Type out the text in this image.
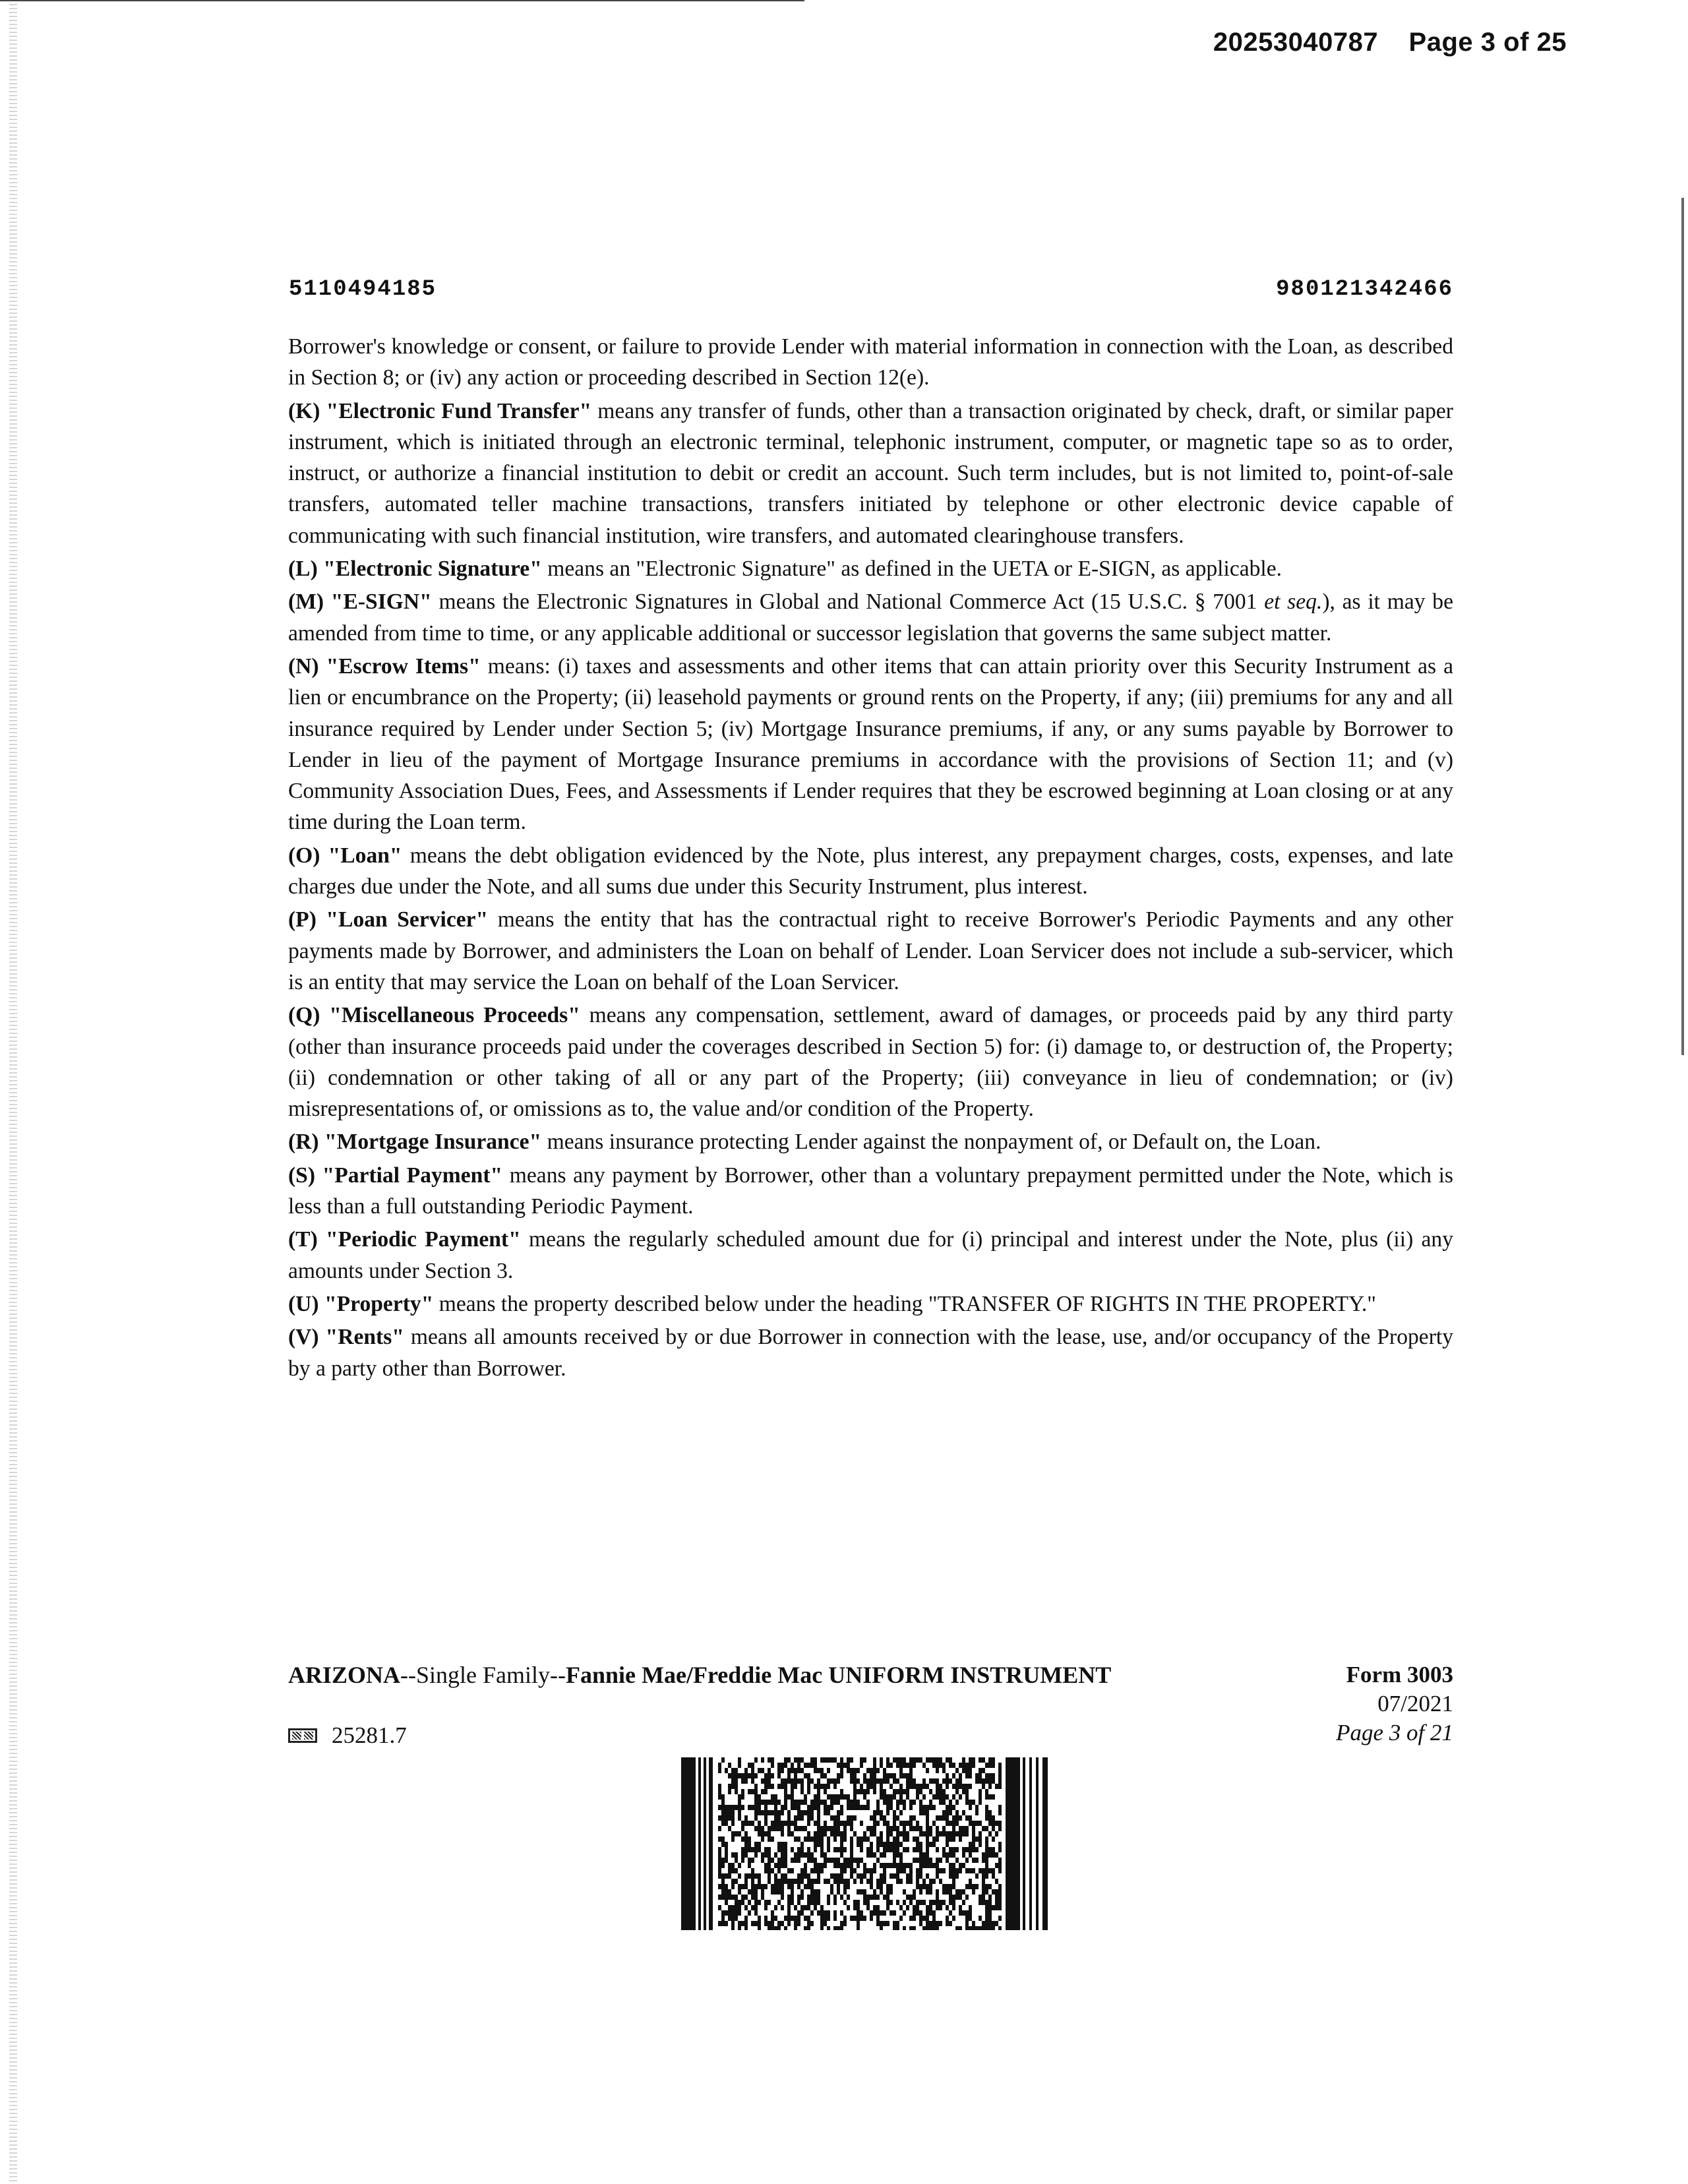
20253040787    Page 3 of 25
5110494185	980121342466

Borrower's knowledge or consent, or failure to provide Lender with material information in connection with the Loan, as described in Section 8; or (iv) any action or proceeding described in Section 12(e).

(K) "Electronic Fund Transfer" means any transfer of funds, other than a transaction originated by check, draft, or similar paper instrument, which is initiated through an electronic terminal, telephonic instrument, computer, or magnetic tape so as to order, instruct, or authorize a financial institution to debit or credit an account. Such term includes, but is not limited to, point-of-sale transfers, automated teller machine transactions, transfers initiated by telephone or other electronic device capable of communicating with such financial institution, wire transfers, and automated clearinghouse transfers.

(L) "Electronic Signature" means an "Electronic Signature" as defined in the UETA or E-SIGN, as applicable.

(M) "E-SIGN" means the Electronic Signatures in Global and National Commerce Act (15 U.S.C. § 7001 et seq.), as it may be amended from time to time, or any applicable additional or successor legislation that governs the same subject matter.

(N) "Escrow Items" means: (i) taxes and assessments and other items that can attain priority over this Security Instrument as a lien or encumbrance on the Property; (ii) leasehold payments or ground rents on the Property, if any; (iii) premiums for any and all insurance required by Lender under Section 5; (iv) Mortgage Insurance premiums, if any, or any sums payable by Borrower to Lender in lieu of the payment of Mortgage Insurance premiums in accordance with the provisions of Section 11; and (v) Community Association Dues, Fees, and Assessments if Lender requires that they be escrowed beginning at Loan closing or at any time during the Loan term.

(O) "Loan" means the debt obligation evidenced by the Note, plus interest, any prepayment charges, costs, expenses, and late charges due under the Note, and all sums due under this Security Instrument, plus interest.

(P) "Loan Servicer" means the entity that has the contractual right to receive Borrower's Periodic Payments and any other payments made by Borrower, and administers the Loan on behalf of Lender. Loan Servicer does not include a sub-servicer, which is an entity that may service the Loan on behalf of the Loan Servicer.

(Q) "Miscellaneous Proceeds" means any compensation, settlement, award of damages, or proceeds paid by any third party (other than insurance proceeds paid under the coverages described in Section 5) for: (i) damage to, or destruction of, the Property; (ii) condemnation or other taking of all or any part of the Property; (iii) conveyance in lieu of condemnation; or (iv) misrepresentations of, or omissions as to, the value and/or condition of the Property.

(R) "Mortgage Insurance" means insurance protecting Lender against the nonpayment of, or Default on, the Loan.

(S) "Partial Payment" means any payment by Borrower, other than a voluntary prepayment permitted under the Note, which is less than a full outstanding Periodic Payment.

(T) "Periodic Payment" means the regularly scheduled amount due for (i) principal and interest under the Note, plus (ii) any amounts under Section 3.

(U) "Property" means the property described below under the heading "TRANSFER OF RIGHTS IN THE PROPERTY."

(V) "Rents" means all amounts received by or due Borrower in connection with the lease, use, and/or occupancy of the Property by a party other than Borrower.

ARIZONA--Single Family--Fannie Mae/Freddie Mac UNIFORM INSTRUMENT	Form 3003
07/2021
Page 3 of 21
25281.7
